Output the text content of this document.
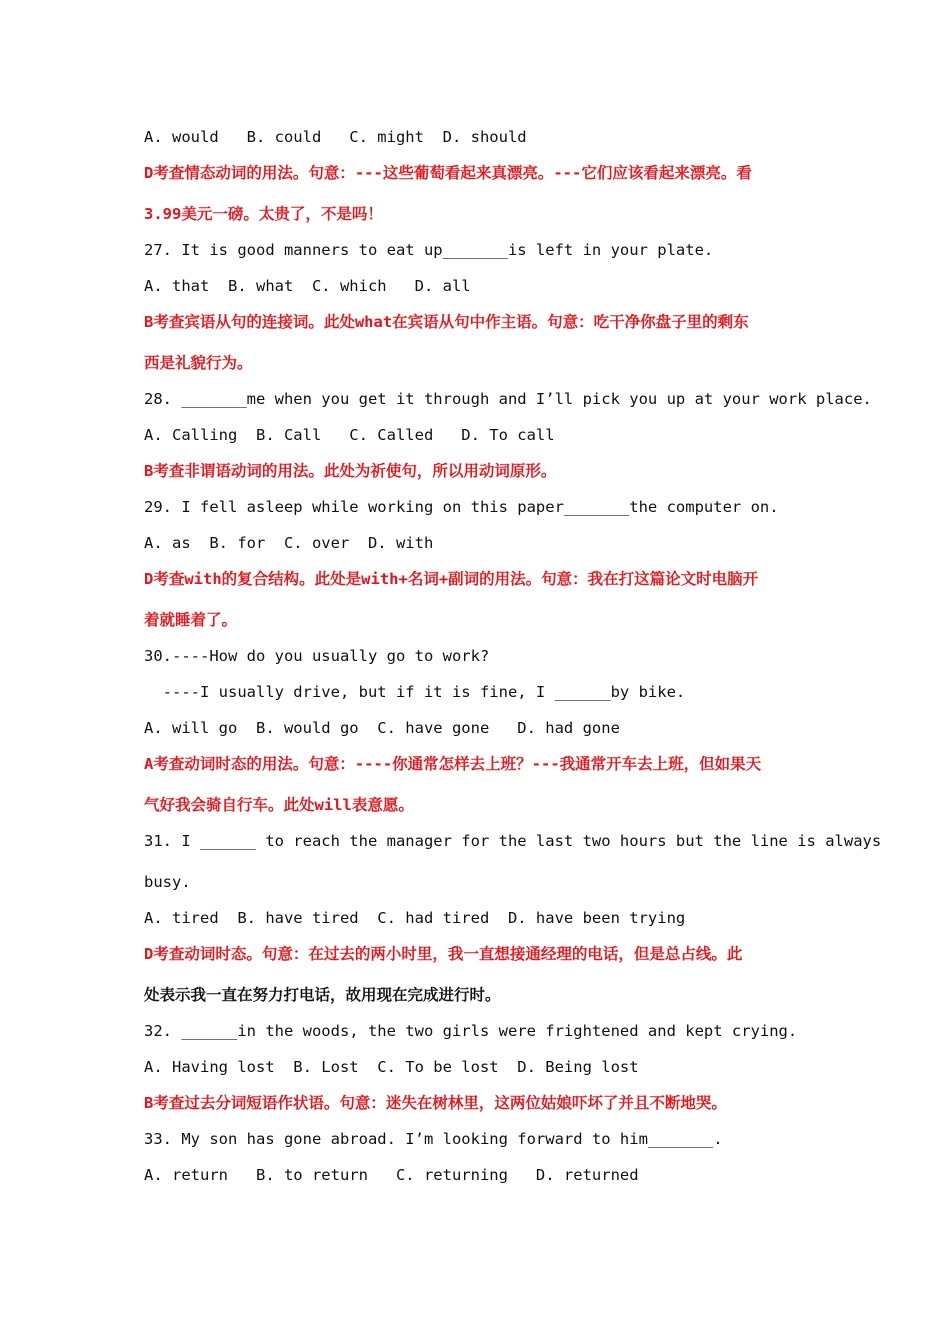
A. would   B. could   C. might  D. should

D考查情态动词的用法。句意：---这些葡萄看起来真漂亮。---它们应该看起来漂亮。看

3.99美元一磅。太贵了，不是吗！

27. It is good manners to eat up_______is left in your plate.

A. that  B. what  C. which   D. all

B考查宾语从句的连接词。此处what在宾语从句中作主语。句意：吃干净你盘子里的剩东

西是礼貌行为。

28. _______me when you get it through and I’ll pick you up at your work place.

A. Calling  B. Call   C. Called   D. To call

B考查非谓语动词的用法。此处为祈使句，所以用动词原形。

29. I fell asleep while working on this paper_______the computer on.

A. as  B. for  C. over  D. with

D考查with的复合结构。此处是with+名词+副词的用法。句意：我在打这篇论文时电脑开

着就睡着了。

30.----How do you usually go to work?

----I usually drive, but if it is fine, I ______by bike.

A. will go  B. would go  C. have gone   D. had gone

A考查动词时态的用法。句意：----你通常怎样去上班？---我通常开车去上班，但如果天

气好我会骑自行车。此处will表意愿。

31. I ______ to reach the manager for the last two hours but the line is always

busy.

A. tired  B. have tired  C. had tired  D. have been trying

D考查动词时态。句意：在过去的两小时里，我一直想接通经理的电话，但是总占线。此

处表示我一直在努力打电话，故用现在完成进行时。

32. ______in the woods, the two girls were frightened and kept crying.

A. Having lost  B. Lost  C. To be lost  D. Being lost

B考查过去分词短语作状语。句意：迷失在树林里，这两位姑娘吓坏了并且不断地哭。

33. My son has gone abroad. I’m looking forward to him_______.

A. return   B. to return   C. returning   D. returned
